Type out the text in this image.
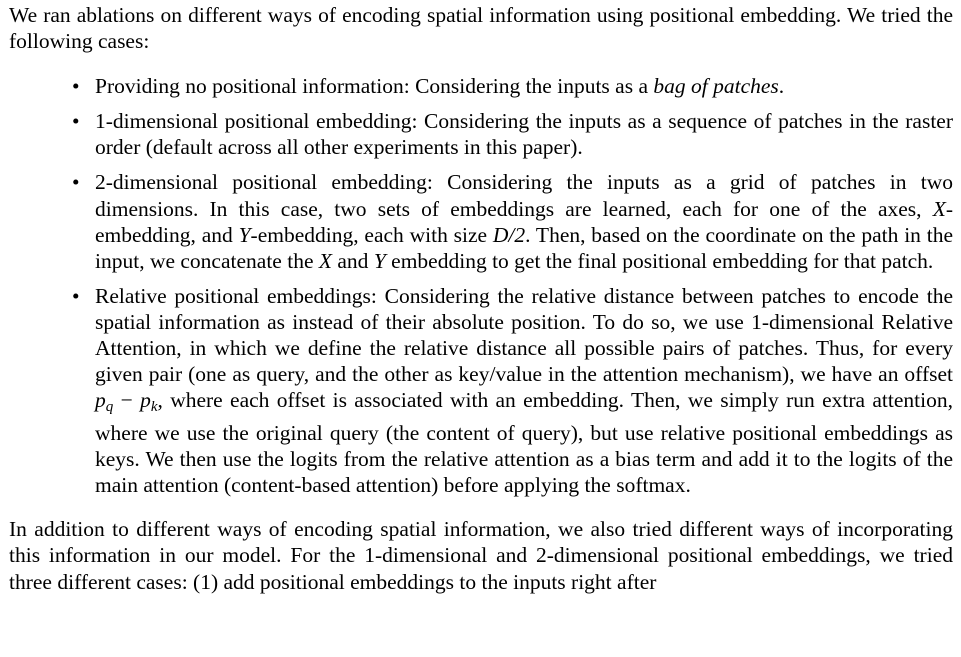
We ran ablations on different ways of encoding spatial information using positional embedding. We tried the following cases:

• Providing no positional information: Considering the inputs as a bag of patches.
• 1-dimensional positional embedding: Considering the inputs as a sequence of patches in the raster order (default across all other experiments in this paper).
• 2-dimensional positional embedding: Considering the inputs as a grid of patches in two dimensions. In this case, two sets of embeddings are learned, each for one of the axes, X-embedding, and Y-embedding, each with size D/2. Then, based on the coordinate on the path in the input, we concatenate the X and Y embedding to get the final positional embedding for that patch.
• Relative positional embeddings: Considering the relative distance between patches to encode the spatial information as instead of their absolute position. To do so, we use 1-dimensional Relative Attention, in which we define the relative distance all possible pairs of patches. Thus, for every given pair (one as query, and the other as key/value in the attention mechanism), we have an offset $p_q - p_k$, where each offset is associated with an embedding. Then, we simply run extra attention, where we use the original query (the content of query), but use relative positional embeddings as keys. We then use the logits from the relative attention as a bias term and add it to the logits of the main attention (content-based attention) before applying the softmax.

In addition to different ways of encoding spatial information, we also tried different ways of incorporating this information in our model. For the 1-dimensional and 2-dimensional positional embeddings, we tried three different cases: (1) add positional embeddings to the inputs right after
